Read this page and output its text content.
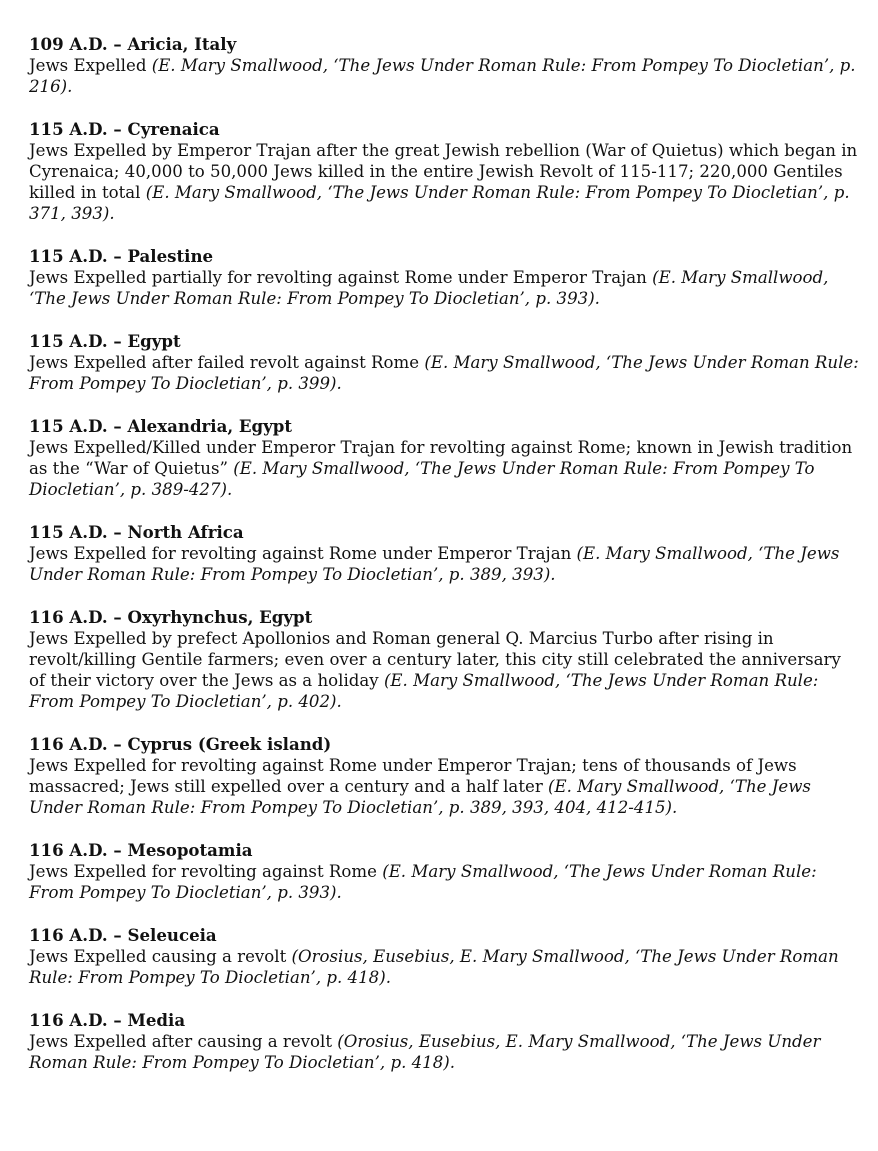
109 A.D. – Aricia, Italy
Jews Expelled (E. Mary Smallwood, ‘The Jews Under Roman Rule: From Pompey To Diocletian’, p. 216).
115 A.D. – Cyrenaica
Jews Expelled by Emperor Trajan after the great Jewish rebellion (War of Quietus) which began in Cyrenaica; 40,000 to 50,000 Jews killed in the entire Jewish Revolt of 115-117; 220,000 Gentiles killed in total (E. Mary Smallwood, ‘The Jews Under Roman Rule: From Pompey To Diocletian’, p. 371, 393).
115 A.D. – Palestine
Jews Expelled partially for revolting against Rome under Emperor Trajan (E. Mary Smallwood, ‘The Jews Under Roman Rule: From Pompey To Diocletian’, p. 393).
115 A.D. – Egypt
Jews Expelled after failed revolt against Rome (E. Mary Smallwood, ‘The Jews Under Roman Rule: From Pompey To Diocletian’, p. 399).
115 A.D. – Alexandria, Egypt
Jews Expelled/Killed under Emperor Trajan for revolting against Rome; known in Jewish tradition as the “War of Quietus” (E. Mary Smallwood, ‘The Jews Under Roman Rule: From Pompey To Diocletian’, p. 389-427).
115 A.D. – North Africa
Jews Expelled for revolting against Rome under Emperor Trajan (E. Mary Smallwood, ‘The Jews Under Roman Rule: From Pompey To Diocletian’, p. 389, 393).
116 A.D. – Oxyrhynchus, Egypt
Jews Expelled by prefect Apollonios and Roman general Q. Marcius Turbo after rising in revolt/killing Gentile farmers; even over a century later, this city still celebrated the anniversary of their victory over the Jews as a holiday (E. Mary Smallwood, ‘The Jews Under Roman Rule: From Pompey To Diocletian’, p. 402).
116 A.D. – Cyprus (Greek island)
Jews Expelled for revolting against Rome under Emperor Trajan; tens of thousands of Jews massacred; Jews still expelled over a century and a half later (E. Mary Smallwood, ‘The Jews Under Roman Rule: From Pompey To Diocletian’, p. 389, 393, 404, 412-415).
116 A.D. – Mesopotamia
Jews Expelled for revolting against Rome (E. Mary Smallwood, ‘The Jews Under Roman Rule: From Pompey To Diocletian’, p. 393).
116 A.D. – Seleuceia
Jews Expelled causing a revolt (Orosius, Eusebius, E. Mary Smallwood, ‘The Jews Under Roman Rule: From Pompey To Diocletian’, p. 418).
116 A.D. – Media
Jews Expelled after causing a revolt (Orosius, Eusebius, E. Mary Smallwood, ‘The Jews Under Roman Rule: From Pompey To Diocletian’, p. 418).
